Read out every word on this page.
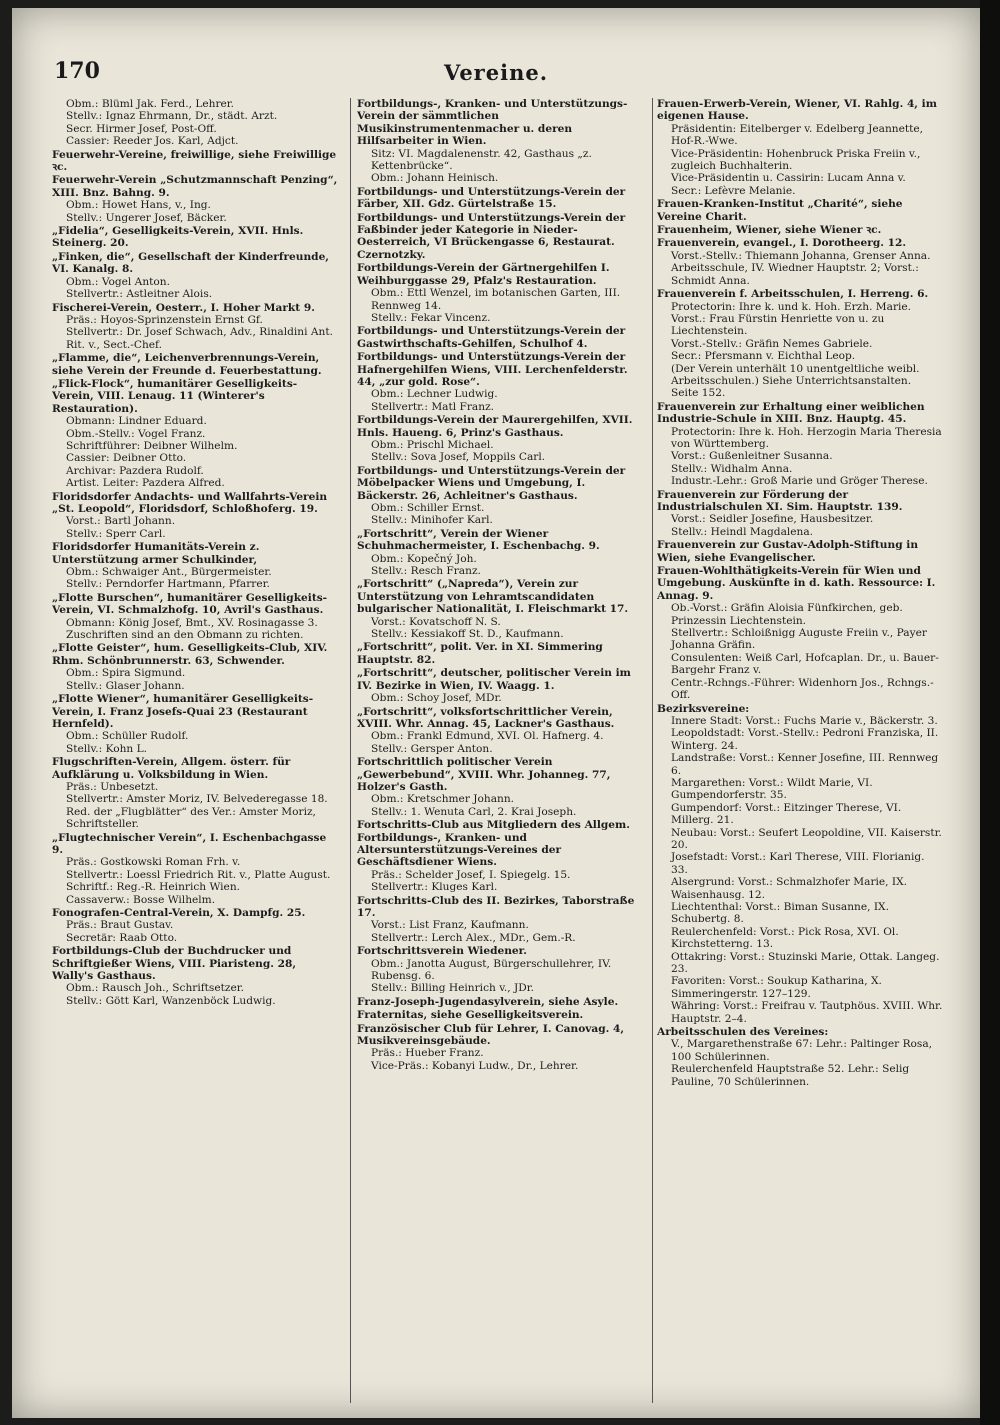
170	Vereine.
Obm.: Blüml Jak. Ferd., Lehrer.
Stellv.: Ignaz Ehrmann, Dr., städt. Arzt.
Secr. Hirmer Josef, Post-Off.
Cassier: Reeder Jos. Karl, Adjct.
Feuerwehr-Vereine, freiwillige, siehe Freiwillige ꝛc.
Feuerwehr-Verein „Schutzmannschaft Penzing“, XIII. Bnz. Bahng. 9.
Obm.: Howet Hans, v., Ing.
Stellv.: Ungerer Josef, Bäcker.
„Fidelia“, Geselligkeits-Verein, XVII. Hnls. Steinerg. 20.
„Finken, die“, Gesellschaft der Kinderfreunde, VI. Kanalg. 8.
Obm.: Vogel Anton.
Stellvertr.: Astleitner Alois.
Fischerei-Verein, Oesterr., I. Hoher Markt 9.
Präs.: Hoyos-Sprinzenstein Ernst Gf.
Stellvertr.: Dr. Josef Schwach, Adv., Rinaldini Ant. Rit. v., Sect.-Chef.
„Flamme, die“, Leichenverbrennungs-Verein, siehe Verein der Freunde d. Feuerbestattung.
„Flick-Flock“, humanitärer Geselligkeits-Verein, VIII. Lenaug. 11 (Winterer's Restauration).
Obmann: Lindner Eduard.
Obm.-Stellv.: Vogel Franz.
Schriftführer: Deibner Wilhelm.
Cassier: Deibner Otto.
Archivar: Pazdera Rudolf.
Artist. Leiter: Pazdera Alfred.
Floridsdorfer Andachts- und Wallfahrts-Verein „St. Leopold“, Floridsdorf, Schloßhoferg. 19.
Vorst.: Bartl Johann.
Stellv.: Sperr Carl.
Floridsdorfer Humanitäts-Verein z. Unterstützung armer Schulkinder,
Obm.: Schwaiger Ant., Bürgermeister.
Stellv.: Perndorfer Hartmann, Pfarrer.
„Flotte Burschen“, humanitärer Geselligkeits-Verein, VI. Schmalzhofg. 10, Avril's Gasthaus.
Obmann: König Josef, Bmt., XV. Rosinagasse 3. Zuschriften sind an den Obmann zu richten.
„Flotte Geister“, hum. Geselligkeits-Club, XIV. Rhm. Schönbrunnerstr. 63, Schwender.
Obm.: Spira Sigmund.
Stellv.: Glaser Johann.
„Flotte Wiener“, humanitärer Geselligkeits-Verein, I. Franz Josefs-Quai 23 (Restaurant Hernfeld).
Obm.: Schüller Rudolf.
Stellv.: Kohn L.
Flugschriften-Verein, Allgem. österr. für Aufklärung u. Volksbildung in Wien.
Präs.: Unbesetzt.
Stellvertr.: Amster Moriz, IV. Belvederegasse 18.
Red. der „Flugblätter“ des Ver.: Amster Moriz, Schriftsteller.
„Flugtechnischer Verein“, I. Eschenbachgasse 9.
Präs.: Gostkowski Roman Frh. v.
Stellvertr.: Loessl Friedrich Rit. v., Platte August.
Schriftf.: Reg.-R. Heinrich Wien.
Cassaverw.: Bosse Wilhelm.
Fonografen-Central-Verein, X. Dampfg. 25.
Präs.: Braut Gustav.
Secretär: Raab Otto.
Fortbildungs-Club der Buchdrucker und Schriftgießer Wiens, VIII. Piaristeng. 28, Wally's Gasthaus.
Obm.: Rausch Joh., Schriftsetzer.
Stellv.: Gött Karl, Wanzenböck Ludwig.
Fortbildungs-, Kranken- und Unterstützungs-Verein der sämmtlichen Musikinstrumentenmacher u. deren Hilfsarbeiter in Wien.
Sitz: VI. Magdalenenstr. 42, Gasthaus „z. Kettenbrücke“.
Obm.: Johann Heinisch.
Fortbildungs- und Unterstützungs-Verein der Färber, XII. Gdz. Gürtelstraße 15.
Fortbildungs- und Unterstützungs-Verein der Faßbinder jeder Kategorie in Nieder-Oesterreich, VI Brückengasse 6, Restaurat. Czernotzky.
Fortbildungs-Verein der Gärtnergehilfen I. Weihburggasse 29, Pfalz's Restauration.
Obm.: Ettl Wenzel, im botanischen Garten, III. Rennweg 14.
Stellv.: Fekar Vincenz.
Fortbildungs- und Unterstützungs-Verein der Gastwirthschafts-Gehilfen, Schulhof 4.
Fortbildungs- und Unterstützungs-Verein der Hafnergehilfen Wiens, VIII. Lerchenfelderstr. 44, „zur gold. Rose“.
Obm.: Lechner Ludwig.
Stellvertr.: Matl Franz.
Fortbildungs-Verein der Maurergehilfen, XVII. Hnls. Haueng. 6, Prinz's Gasthaus.
Obm.: Prischl Michael.
Stellv.: Sova Josef, Moppils Carl.
Fortbildungs- und Unterstützungs-Verein der Möbelpacker Wiens und Umgebung, I. Bäckerstr. 26, Achleitner's Gasthaus.
Obm.: Schiller Ernst.
Stellv.: Minihofer Karl.
„Fortschritt“, Verein der Wiener Schuhmachermeister, I. Eschenbachg. 9.
Obm.: Kopečný Joh.
Stellv.: Resch Franz.
„Fortschritt“ („Napreda“), Verein zur Unterstützung von Lehramtscandidaten bulgarischer Nationalität, I. Fleischmarkt 17.
Vorst.: Kovatschoff N. S.
Stellv.: Kessiakoff St. D., Kaufmann.
„Fortschritt“, polit. Ver. in XI. Simmering Hauptstr. 82.
„Fortschritt“, deutscher, politischer Verein im IV. Bezirke in Wien, IV. Waagg. 1.
Obm.: Schoy Josef, MDr.
„Fortschritt“, volksfortschrittlicher Verein, XVIII. Whr. Annag. 45, Lackner's Gasthaus.
Obm.: Frankl Edmund, XVI. Ol. Hafnerg. 4.
Stellv.: Gersper Anton.
Fortschrittlich politischer Verein „Gewerbebund“, XVIII. Whr. Johanneg. 77, Holzer's Gasth.
Obm.: Kretschmer Johann.
Stellv.: 1. Wenuta Carl, 2. Krai Joseph.
Fortschritts-Club aus Mitgliedern des Allgem. Fortbildungs-, Kranken- und Altersunterstützungs-Vereines der Geschäftsdiener Wiens.
Präs.: Schelder Josef, I. Spiegelg. 15.
Stellvertr.: Kluges Karl.
Fortschritts-Club des II. Bezirkes, Taborstraße 17.
Vorst.: List Franz, Kaufmann.
Stellvertr.: Lerch Alex., MDr., Gem.-R.
Fortschrittsverein Wiedener.
Obm.: Janotta August, Bürgerschullehrer, IV. Rubensg. 6.
Stellv.: Billing Heinrich v., JDr.
Franz-Joseph-Jugendasylverein, siehe Asyle.
Fraternitas, siehe Geselligkeitsverein.
Französischer Club für Lehrer, I. Canovag. 4, Musikvereinsgebäude.
Präs.: Hueber Franz.
Vice-Präs.: Kobanyi Ludw., Dr., Lehrer.
Frauen-Erwerb-Verein, Wiener, VI. Rahlg. 4, im eigenen Hause.
Präsidentin: Eitelberger v. Edelberg Jeannette, Hof-R.-Wwe.
Vice-Präsidentin: Hohenbruck Priska Freiin v., zugleich Buchhalterin.
Vice-Präsidentin u. Cassirin: Lucam Anna v.
Secr.: Lefèvre Melanie.
Frauen-Kranken-Institut „Charité“, siehe Vereine Charit.
Frauenheim, Wiener, siehe Wiener ꝛc.
Frauenverein, evangel., I. Dorotheerg. 12.
Vorst.-Stellv.: Thiemann Johanna, Grenser Anna.
Arbeitsschule, IV. Wiedner Hauptstr. 2; Vorst.: Schmidt Anna.
Frauenverein f. Arbeitsschulen, I. Herreng. 6.
Protectorin: Ihre k. und k. Hoh. Erzh. Marie.
Vorst.: Frau Fürstin Henriette von u. zu Liechtenstein.
Vorst.-Stellv.: Gräfin Nemes Gabriele.
Secr.: Pfersmann v. Eichthal Leop.
(Der Verein unterhält 10 unentgeltliche weibl. Arbeitsschulen.) Siehe Unterrichtsanstalten.
Seite 152.
Frauenverein zur Erhaltung einer weiblichen Industrie-Schule in XIII. Bnz. Hauptg. 45.
Protectorin: Ihre k. Hoh. Herzogin Maria Theresia von Württemberg.
Vorst.: Gußenleitner Susanna.
Stellv.: Widhalm Anna.
Industr.-Lehr.: Groß Marie und Gröger Therese.
Frauenverein zur Förderung der Industrialschulen XI. Sim. Hauptstr. 139.
Vorst.: Seidler Josefine, Hausbesitzer.
Stellv.: Heindl Magdalena.
Frauenverein zur Gustav-Adolph-Stiftung in Wien, siehe Evangelischer.
Frauen-Wohlthätigkeits-Verein für Wien und Umgebung. Auskünfte in d. kath. Ressource: I. Annag. 9.
Ob.-Vorst.: Gräfin Aloisia Fünfkirchen, geb. Prinzessin Liechtenstein.
Stellvertr.: Schloißnigg Auguste Freiin v., Payer Johanna Gräfin.
Consulenten: Weiß Carl, Hofcaplan. Dr., u. Bauer-Bargehr Franz v.
Centr.-Rchngs.-Führer: Widenhorn Jos., Rchngs.-Off.
Bezirksvereine:
Innere Stadt: Vorst.: Fuchs Marie v., Bäckerstr. 3.
Leopoldstadt: Vorst.-Stellv.: Pedroni Franziska, II. Winterg. 24.
Landstraße: Vorst.: Kenner Josefine, III. Rennweg 6.
Margarethen: Vorst.: Wildt Marie, VI. Gumpendorferstr. 35.
Gumpendorf: Vorst.: Eitzinger Therese, VI. Millerg. 21.
Neubau: Vorst.: Seufert Leopoldine, VII. Kaiserstr. 20.
Josefstadt: Vorst.: Karl Therese, VIII. Florianig. 33.
Alsergrund: Vorst.: Schmalzhofer Marie, IX. Waisenhausg. 12.
Liechtenthal: Vorst.: Biman Susanne, IX. Schubertg. 8.
Reulerchenfeld: Vorst.: Pick Rosa, XVI. Ol. Kirchstetterng. 13.
Ottakring: Vorst.: Stuzinski Marie, Ottak. Langeg. 23.
Favoriten: Vorst.: Soukup Katharina, X. Simmeringerstr. 127–129.
Währing: Vorst.: Freifrau v. Tautphöus. XVIII. Whr. Hauptstr. 2–4.
Arbeitsschulen des Vereines:
V., Margarethenstraße 67: Lehr.: Paltinger Rosa, 100 Schülerinnen.
Reulerchenfeld Hauptstraße 52. Lehr.: Selig Pauline, 70 Schülerinnen.
